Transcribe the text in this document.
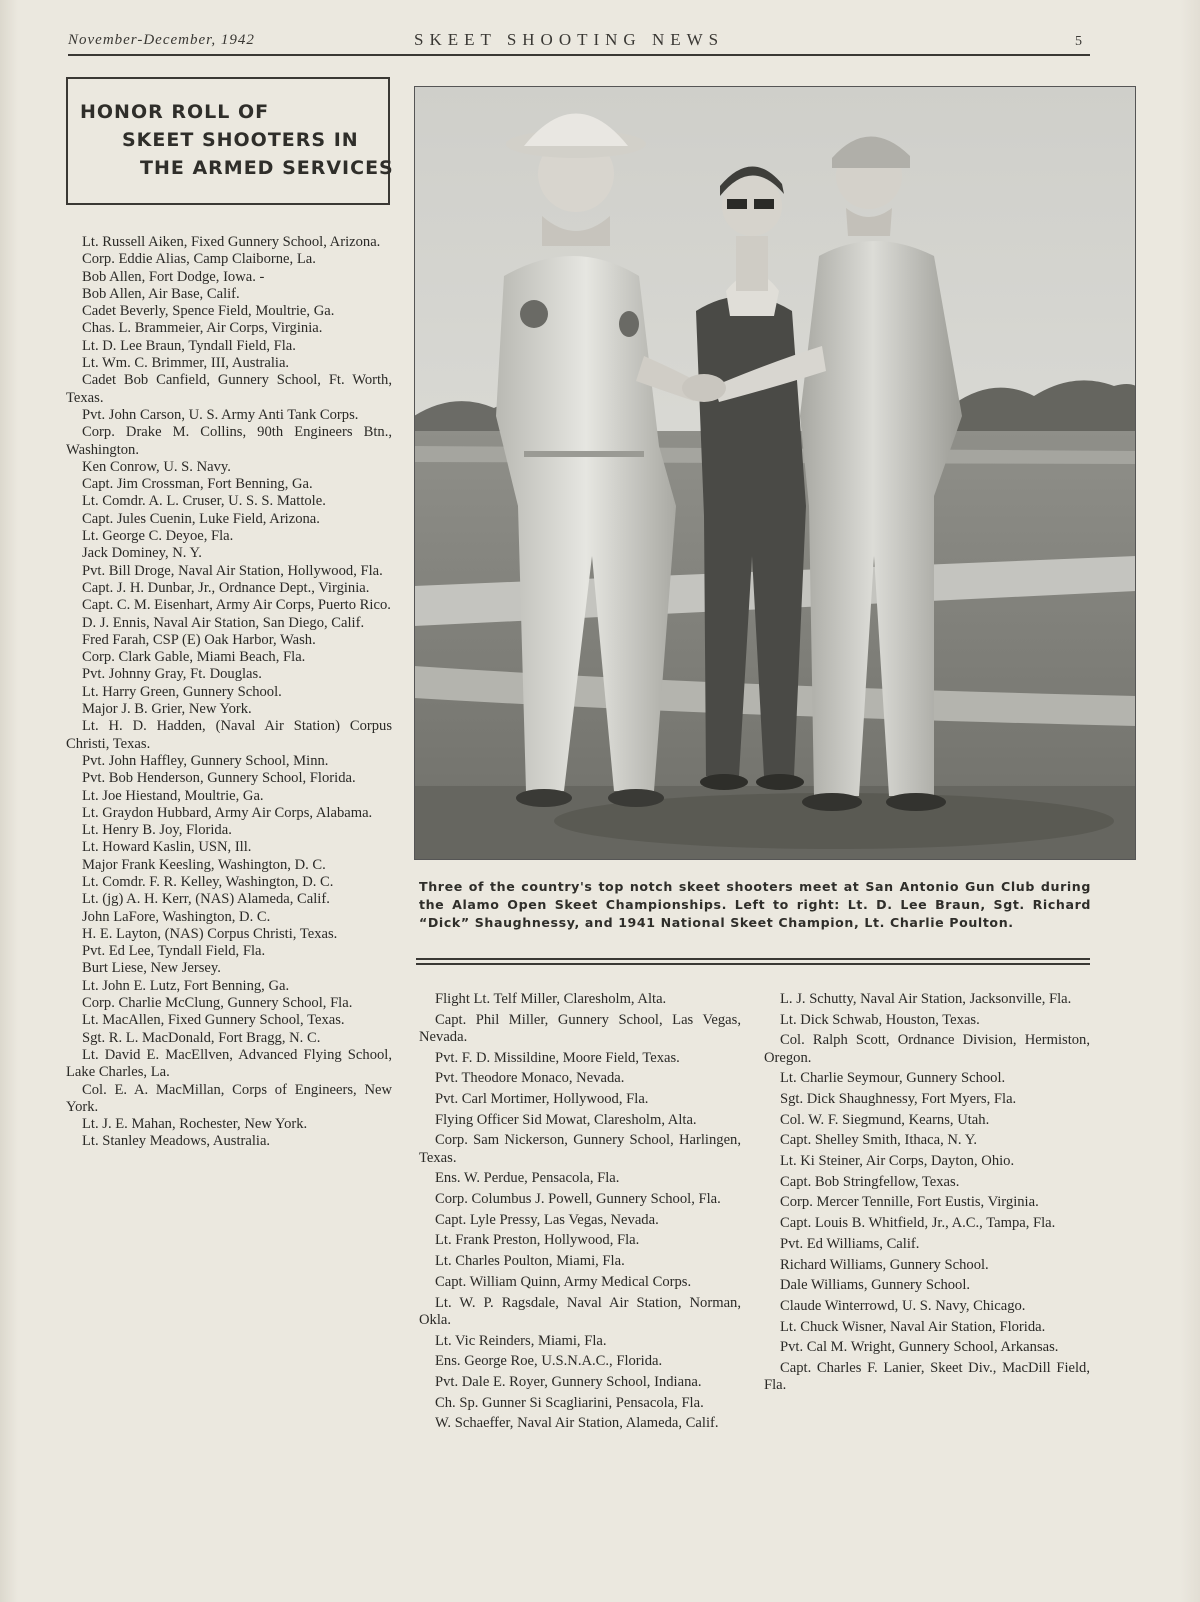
November-December, 1942	SKEET SHOOTING NEWS	5
HONOR ROLL OF
SKEET SHOOTERS IN
THE ARMED SERVICES

Lt. Russell Aiken, Fixed Gunnery School, Arizona.

Corp. Eddie Alias, Camp Claiborne, La.

Bob Allen, Fort Dodge, Iowa. -

Bob Allen, Air Base, Calif.

Cadet Beverly, Spence Field, Moultrie, Ga.

Chas. L. Brammeier, Air Corps, Virginia.

Lt. D. Lee Braun, Tyndall Field, Fla.

Lt. Wm. C. Brimmer, III, Australia.

Cadet Bob Canfield, Gunnery School, Ft. Worth, Texas.

Pvt. John Carson, U. S. Army Anti Tank Corps.

Corp. Drake M. Collins, 90th Engineers Btn., Washington.

Ken Conrow, U. S. Navy.

Capt. Jim Crossman, Fort Benning, Ga.

Lt. Comdr. A. L. Cruser, U. S. S. Mattole.

Capt. Jules Cuenin, Luke Field, Arizona.

Lt. George C. Deyoe, Fla.

Jack Dominey, N. Y.

Pvt. Bill Droge, Naval Air Station, Hollywood, Fla.

Capt. J. H. Dunbar, Jr., Ordnance Dept., Virginia.

Capt. C. M. Eisenhart, Army Air Corps, Puerto Rico.

D. J. Ennis, Naval Air Station, San Diego, Calif.

Fred Farah, CSP (E) Oak Harbor, Wash.

Corp. Clark Gable, Miami Beach, Fla.

Pvt. Johnny Gray, Ft. Douglas.

Lt. Harry Green, Gunnery School.

Major J. B. Grier, New York.

Lt. H. D. Hadden, (Naval Air Station) Corpus Christi, Texas.

Pvt. John Haffley, Gunnery School, Minn.

Pvt. Bob Henderson, Gunnery School, Florida.

Lt. Joe Hiestand, Moultrie, Ga.

Lt. Graydon Hubbard, Army Air Corps, Alabama.

Lt. Henry B. Joy, Florida.

Lt. Howard Kaslin, USN, Ill.

Major Frank Keesling, Washington, D. C.

Lt. Comdr. F. R. Kelley, Washington, D. C.

Lt. (jg) A. H. Kerr, (NAS) Alameda, Calif.

John LaFore, Washington, D. C.

H. E. Layton, (NAS) Corpus Christi, Texas.

Pvt. Ed Lee, Tyndall Field, Fla.

Burt Liese, New Jersey.

Lt. John E. Lutz, Fort Benning, Ga.

Corp. Charlie McClung, Gunnery School, Fla.

Lt. MacAllen, Fixed Gunnery School, Texas.

Sgt. R. L. MacDonald, Fort Bragg, N. C.

Lt. David E. MacEllven, Advanced Flying School, Lake Charles, La.

Col. E. A. MacMillan, Corps of Engineers, New York.

Lt. J. E. Mahan, Rochester, New York.

Lt. Stanley Meadows, Australia.

Three of the country's top notch skeet shooters meet at San Antonio Gun Club during the Alamo Open Skeet Championships. Left to right: Lt. D. Lee Braun, Sgt. Richard “Dick” Shaughnessy, and 1941 National Skeet Champion, Lt. Charlie Poulton.

Flight Lt. Telf Miller, Claresholm, Alta.

Capt. Phil Miller, Gunnery School, Las Vegas, Nevada.

Pvt. F. D. Missildine, Moore Field, Texas.

Pvt. Theodore Monaco, Nevada.

Pvt. Carl Mortimer, Hollywood, Fla.

Flying Officer Sid Mowat, Claresholm, Alta.

Corp. Sam Nickerson, Gunnery School, Harlingen, Texas.

Ens. W. Perdue, Pensacola, Fla.

Corp. Columbus J. Powell, Gunnery School, Fla.

Capt. Lyle Pressy, Las Vegas, Nevada.

Lt. Frank Preston, Hollywood, Fla.

Lt. Charles Poulton, Miami, Fla.

Capt. William Quinn, Army Medical Corps.

Lt. W. P. Ragsdale, Naval Air Station, Norman, Okla.

Lt. Vic Reinders, Miami, Fla.

Ens. George Roe, U.S.N.A.C., Florida.

Pvt. Dale E. Royer, Gunnery School, Indiana.

Ch. Sp. Gunner Si Scagliarini, Pensacola, Fla.

W. Schaeffer, Naval Air Station, Alameda, Calif.

L. J. Schutty, Naval Air Station, Jacksonville, Fla.

Lt. Dick Schwab, Houston, Texas.

Col. Ralph Scott, Ordnance Division, Hermiston, Oregon.

Lt. Charlie Seymour, Gunnery School.

Sgt. Dick Shaughnessy, Fort Myers, Fla.

Col. W. F. Siegmund, Kearns, Utah.

Capt. Shelley Smith, Ithaca, N. Y.

Lt. Ki Steiner, Air Corps, Dayton, Ohio.

Capt. Bob Stringfellow, Texas.

Corp. Mercer Tennille, Fort Eustis, Virginia.

Capt. Louis B. Whitfield, Jr., A.C., Tampa, Fla.

Pvt. Ed Williams, Calif.

Richard Williams, Gunnery School.

Dale Williams, Gunnery School.

Claude Winterrowd, U. S. Navy, Chicago.

Lt. Chuck Wisner, Naval Air Station, Florida.

Pvt. Cal M. Wright, Gunnery School, Arkansas.

Capt. Charles F. Lanier, Skeet Div., MacDill Field, Fla.
